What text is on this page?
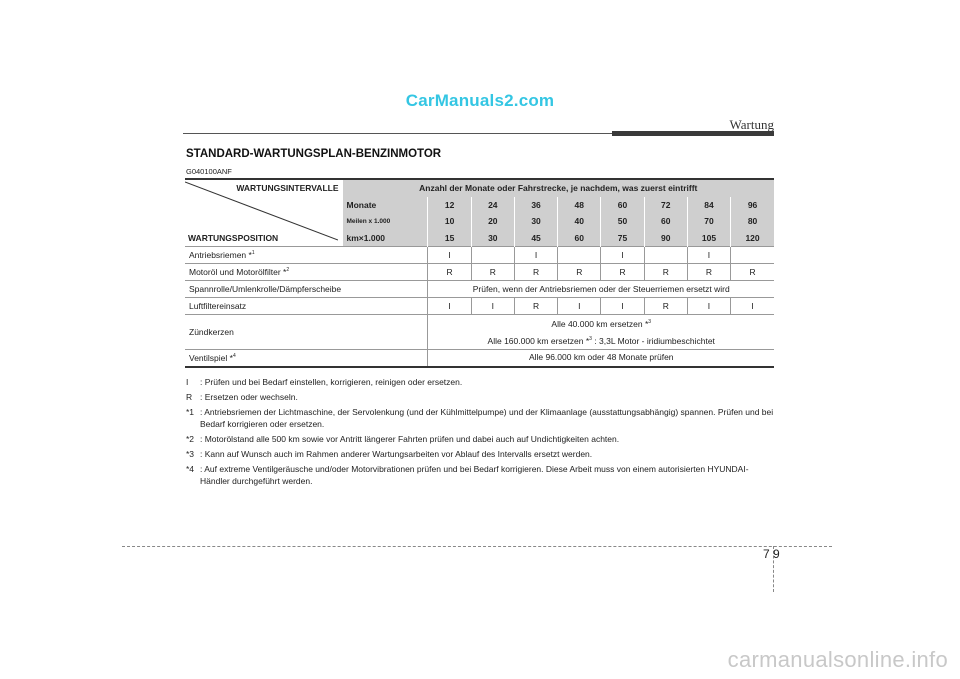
CarManuals2.com
Wartung
STANDARD-WARTUNGSPLAN-BENZINMOTOR
G040100ANF
WARTUNGSINTERVALLE
WARTUNGSPOSITION	Anzahl der Monate oder Fahrstrecke, je nachdem, was zuerst eintrifft								
	Monate	12	24	36	48	60	72	84	96
	Meilen x 1.000	10	20	30	40	50	60	70	80
	km×1.000	15	30	45	60	75	90	105	120
Antriebsriemen *$^1$		I		I		I		I	
Motoröl und Motorölfilter *$^2$		R	R	R	R	R	R	R	R
Spannrolle/Umlenkrolle/Dämpferscheibe		Prüfen, wenn der Antriebsriemen oder der Steuerriemen ersetzt wird							
Luftfiltereinsatz		I	I	R	I	I	R	I	I
Zündkerzen		Alle 40.000 km ersetzen *$^3$
Alle 160.000 km ersetzen *$^3$ : 3,3L Motor - iridiumbeschichtet							

Ventilspiel *$^4$		Alle 96.000 km oder 48 Monate prüfen							
I	: Prüfen und bei Bedarf einstellen, korrigieren, reinigen oder ersetzen.
R : Ersetzen oder wechseln.
*1 : Antriebsriemen der Lichtmaschine, der Servolenkung (und der Kühlmittelpumpe) und der Klimaanlage (ausstattungsabhängig) spannen. Prüfen und bei Bedarf korrigieren oder ersetzen.
*2 : Motorölstand alle 500 km sowie vor Antritt längerer Fahrten prüfen und dabei auch auf Undichtigkeiten achten.
*3 : Kann auf Wunsch auch im Rahmen anderer Wartungsarbeiten vor Ablauf des Intervalls ersetzt werden.
*4 : Auf extreme Ventilgeräusche und/oder Motorvibrationen prüfen und bei Bedarf korrigieren. Diese Arbeit muss von einem autorisierten HYUNDAI-Händler durchgeführt werden.
7 9
carmanualsonline.info
